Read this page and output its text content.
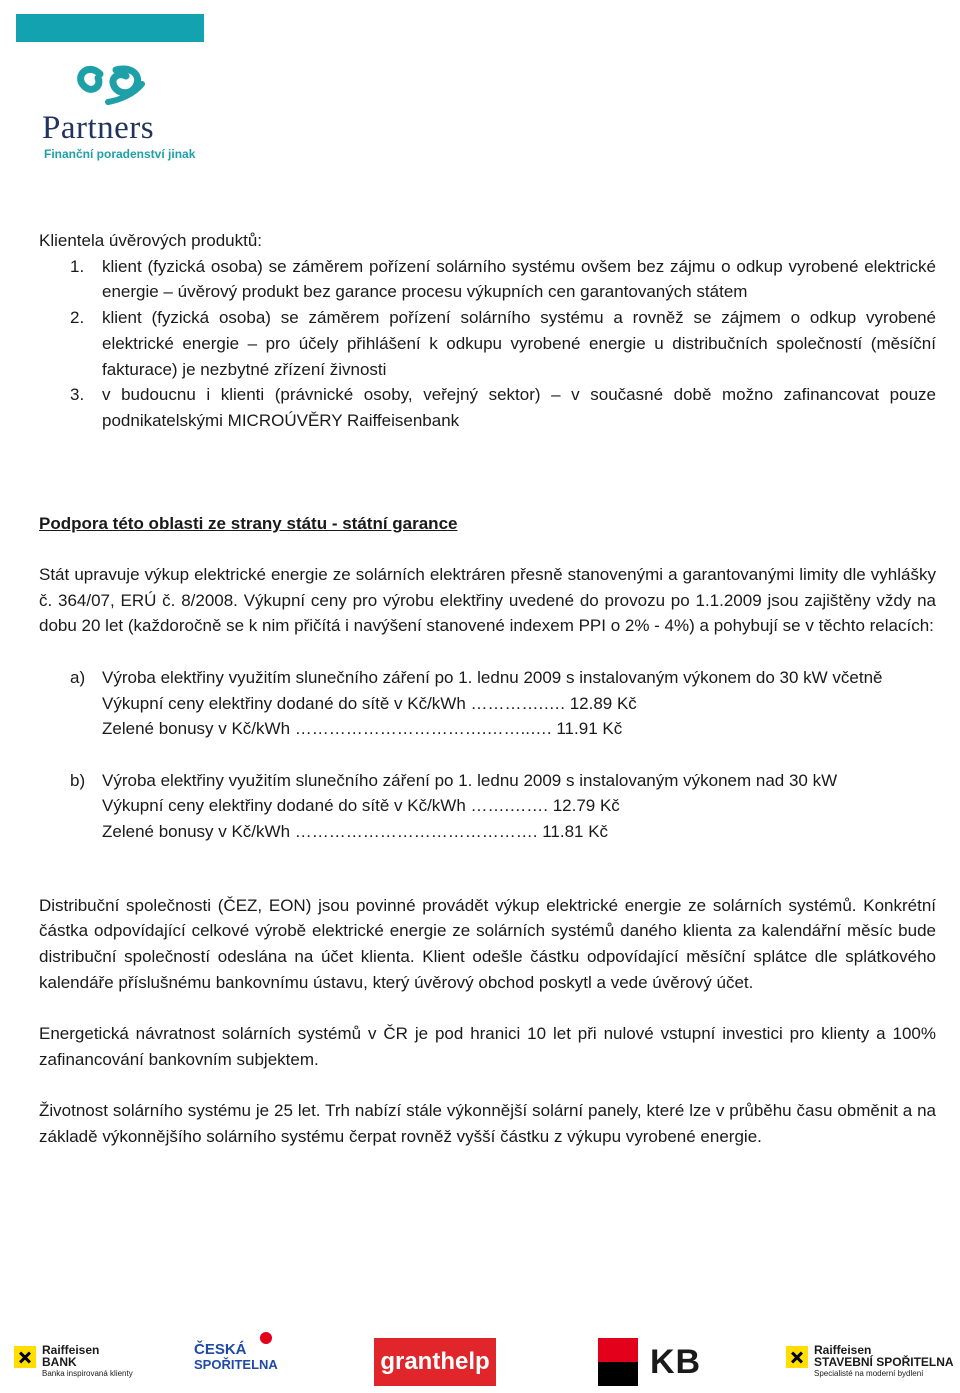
Partners
Finanční poradenství jinak

Klientela úvěrových produktů:

1. klient (fyzická osoba) se záměrem pořízení solárního systému ovšem bez zájmu o odkup vyrobené elektrické energie – úvěrový produkt bez garance procesu výkupních cen garantovaných státem
2. klient (fyzická osoba) se záměrem pořízení solárního systému a rovněž se zájmem o odkup vyrobené elektrické energie – pro účely přihlášení k odkupu vyrobené energie u distribučních společností (měsíční fakturace) je nezbytné zřízení živnosti
3. v budoucnu i klienti (právnické osoby, veřejný sektor) – v současné době možno zafinancovat pouze podnikatelskými MICROÚVĚRY Raiffeisenbank

Podpora této oblasti ze strany státu - státní garance

Stát upravuje výkup elektrické energie ze solárních elektráren přesně stanovenými a garantovanými limity dle vyhlášky č. 364/07, ERÚ č. 8/2008. Výkupní ceny pro výrobu elektřiny uvedené do provozu po 1.1.2009 jsou zajištěny vždy na dobu 20 let (každoročně se k nim přičítá i navýšení stanovené indexem PPI o 2% - 4%) a pohybují se v těchto relacích:

a) Výroba elektřiny využitím slunečního záření po 1. lednu 2009 s instalovaným výkonem do 30 kW včetně
Výkupní ceny elektřiny dodané do sítě v Kč/kWh ………….…. 12.89 Kč
Zelené bonusy v Kč/kWh …………………………….……..…. 11.91 Kč
b) Výroba elektřiny využitím slunečního záření po 1. lednu 2009 s instalovaným výkonem nad 30 kW
Výkupní ceny elektřiny dodané do sítě v Kč/kWh …….……. 12.79 Kč
Zelené bonusy v Kč/kWh ……………………………………. 11.81 Kč

Distribuční společnosti (ČEZ, EON) jsou povinné provádět výkup elektrické energie ze solárních systémů. Konkrétní částka odpovídající celkové výrobě elektrické energie ze solárních systémů daného klienta za kalendářní měsíc bude distribuční společností odeslána na účet klienta. Klient odešle částku odpovídající měsíční splátce dle splátkového kalendáře příslušnému bankovnímu ústavu, který úvěrový obchod poskytl a vede úvěrový účet.

Energetická návratnost solárních systémů v ČR je pod hranici 10 let při nulové vstupní investici pro klienty a 100% zafinancování bankovním subjektem.

Životnost solárního systému je 25 let. Trh nabízí stále výkonnější solární panely, které lze v průběhu času obměnit a na základě výkonnějšího solárního systému čerpat rovněž vyšší částku z výkupu vyrobené energie.

Raiffeisen
BANK
Banka inspirovaná klienty
ČESKÁ
SPOŘITELNA	granthelp	KB	Raiffeisen
STAVEBNÍ SPOŘITELNA
Specialisté na moderní bydlení
